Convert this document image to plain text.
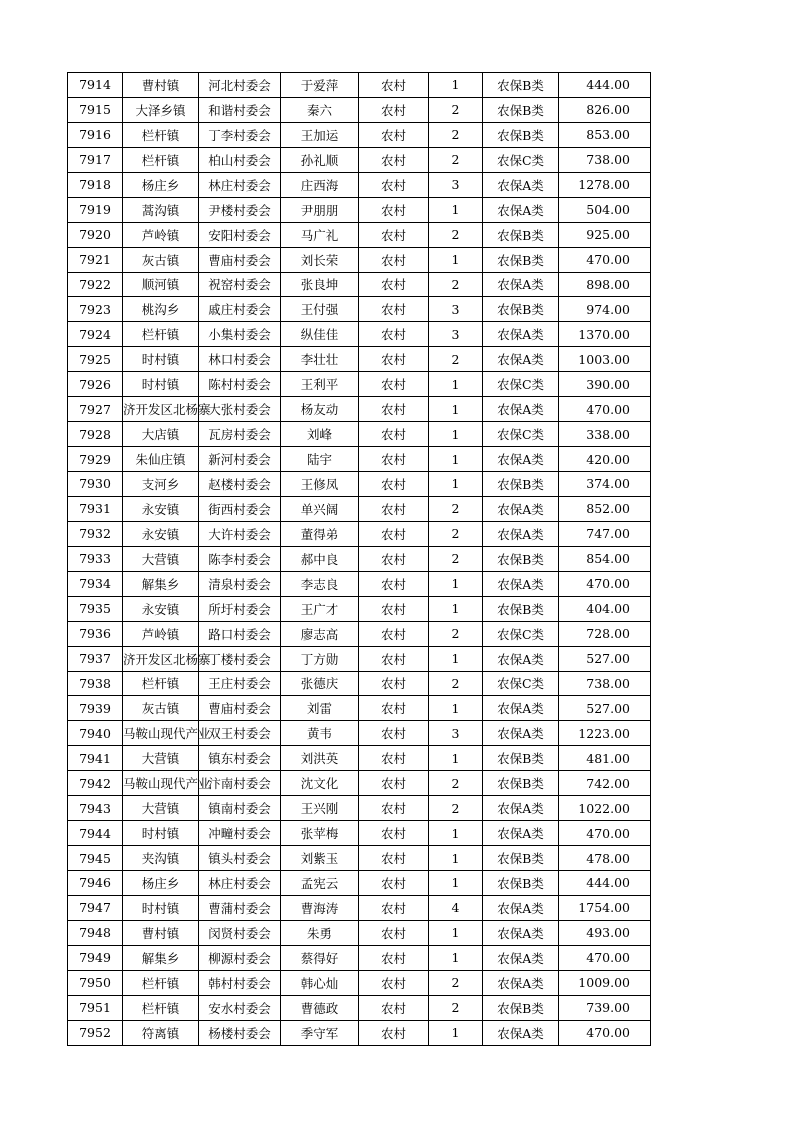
7914	曹村镇	河北村委会	于爱萍	农村	1	农保B类	444.00
7915	大泽乡镇	和谐村委会	秦六	农村	2	农保B类	826.00
7916	栏杆镇	丁李村委会	王加运	农村	2	农保B类	853.00
7917	栏杆镇	柏山村委会	孙礼顺	农村	2	农保C类	738.00
7918	杨庄乡	林庄村委会	庄西海	农村	3	农保A类	1278.00
7919	蒿沟镇	尹楼村委会	尹朋朋	农村	1	农保A类	504.00
7920	芦岭镇	安阳村委会	马广礼	农村	2	农保B类	925.00
7921	灰古镇	曹庙村委会	刘长荣	农村	1	农保B类	470.00
7922	顺河镇	祝窑村委会	张良坤	农村	2	农保A类	898.00
7923	桃沟乡	戚庄村委会	王付强	农村	3	农保B类	974.00
7924	栏杆镇	小集村委会	纵佳佳	农村	3	农保A类	1370.00
7925	时村镇	林口村委会	李壮壮	农村	2	农保A类	1003.00
7926	时村镇	陈村村委会	王利平	农村	1	农保C类	390.00
7927	济开发区北杨寨	大张村委会	杨友动	农村	1	农保A类	470.00
7928	大店镇	瓦房村委会	刘峰	农村	1	农保C类	338.00
7929	朱仙庄镇	新河村委会	陆宇	农村	1	农保A类	420.00
7930	支河乡	赵楼村委会	王修凤	农村	1	农保B类	374.00
7931	永安镇	街西村委会	单兴阔	农村	2	农保A类	852.00
7932	永安镇	大许村委会	董得弟	农村	2	农保A类	747.00
7933	大营镇	陈李村委会	郝中良	农村	2	农保B类	854.00
7934	解集乡	清泉村委会	李志良	农村	1	农保A类	470.00
7935	永安镇	所圩村委会	王广才	农村	1	农保B类	404.00
7936	芦岭镇	路口村委会	廖志高	农村	2	农保C类	728.00
7937	济开发区北杨寨	丁楼村委会	丁方勋	农村	1	农保A类	527.00
7938	栏杆镇	王庄村委会	张德庆	农村	2	农保C类	738.00
7939	灰古镇	曹庙村委会	刘雷	农村	1	农保A类	527.00
7940	马鞍山现代产业	双王村委会	黄韦	农村	3	农保A类	1223.00
7941	大营镇	镇东村委会	刘洪英	农村	1	农保B类	481.00
7942	马鞍山现代产业	汴南村委会	沈文化	农村	2	农保B类	742.00
7943	大营镇	镇南村委会	王兴刚	农村	2	农保A类	1022.00
7944	时村镇	冲疃村委会	张苹梅	农村	1	农保A类	470.00
7945	夹沟镇	镇头村委会	刘紫玉	农村	1	农保B类	478.00
7946	杨庄乡	林庄村委会	孟宪云	农村	1	农保B类	444.00
7947	时村镇	曹蒲村委会	曹海涛	农村	4	农保A类	1754.00
7948	曹村镇	闵贤村委会	朱勇	农村	1	农保A类	493.00
7949	解集乡	柳源村委会	蔡得好	农村	1	农保A类	470.00
7950	栏杆镇	韩村村委会	韩心灿	农村	2	农保A类	1009.00
7951	栏杆镇	安水村委会	曹德政	农村	2	农保B类	739.00
7952	符离镇	杨楼村委会	季守军	农村	1	农保A类	470.00
